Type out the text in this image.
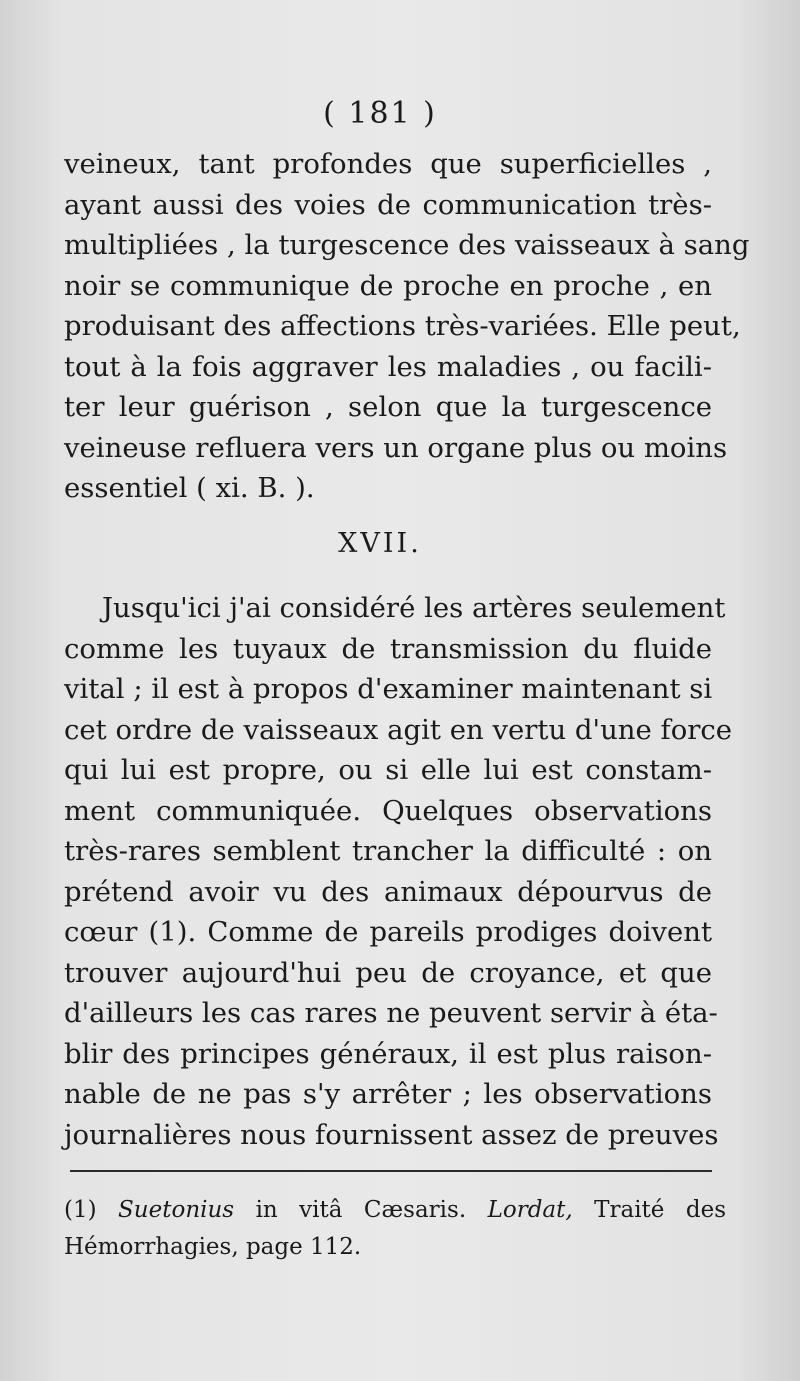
( 181 )
veineux, tant profondes que superficielles ,
ayant aussi des voies de communication très-
multipliées , la turgescence des vaisseaux à sang
noir se communique de proche en proche , en
produisant des affections très-variées. Elle peut,
tout à la fois aggraver les maladies , ou facili-
ter leur guérison , selon que la turgescence
veineuse refluera vers un organe plus ou moins
essentiel ( xi. B. ).
XVII.
Jusqu'ici j'ai considéré les artères seulement
comme les tuyaux de transmission du fluide
vital ; il est à propos d'examiner maintenant si
cet ordre de vaisseaux agit en vertu d'une force
qui lui est propre, ou si elle lui est constam-
ment communiquée. Quelques observations
très-rares semblent trancher la difficulté : on
prétend avoir vu des animaux dépourvus de
cœur (1). Comme de pareils prodiges doivent
trouver aujourd'hui peu de croyance, et que
d'ailleurs les cas rares ne peuvent servir à éta-
blir des principes généraux, il est plus raison-
nable de ne pas s'y arrêter ; les observations
journalières nous fournissent assez de preuves
(1) Suetonius in vitâ Cæsaris. Lordat, Traité des
Hémorrhagies, page 112.
